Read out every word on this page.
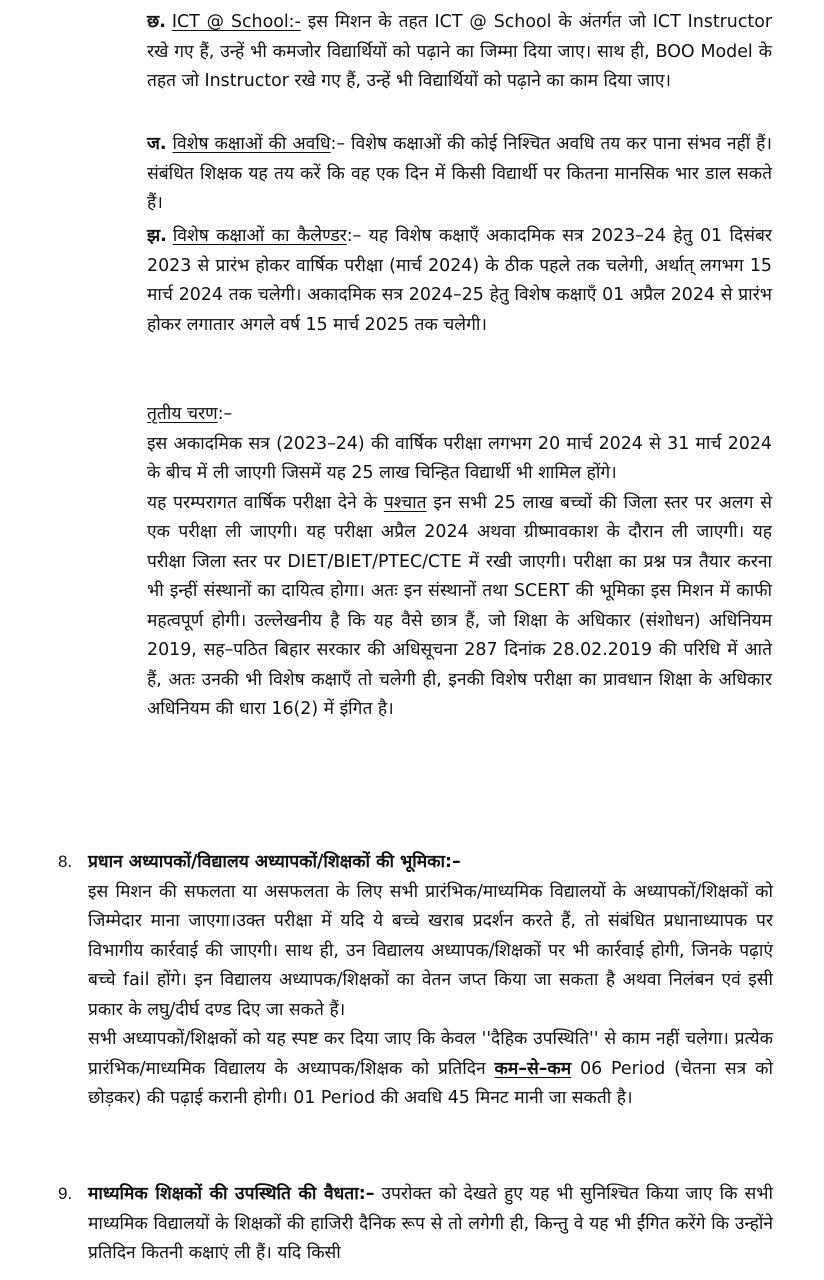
छ. ICT @ School:- इस मिशन के तहत ICT @ School के अंतर्गत जो ICT Instructor रखे गए हैं, उन्हें भी कमजोर विद्यार्थियों को पढ़ाने का जिम्मा दिया जाए। साथ ही, BOO Model के तहत जो Instructor रखे गए हैं, उन्हें भी विद्यार्थियों को पढ़ाने का काम दिया जाए।
ज. विशेष कक्षाओं की अवधि:– विशेष कक्षाओं की कोई निश्चित अवधि तय कर पाना संभव नहीं हैं। संबंधित शिक्षक यह तय करें कि वह एक दिन में किसी विद्यार्थी पर कितना मानसिक भार डाल सकते हैं।
झ. विशेष कक्षाओं का कैलेण्डर:– यह विशेष कक्षाएँ अकादमिक सत्र 2023–24 हेतु 01 दिसंबर 2023 से प्रारंभ होकर वार्षिक परीक्षा (मार्च 2024) के ठीक पहले तक चलेगी, अर्थात् लगभग 15 मार्च 2024 तक चलेगी। अकादमिक सत्र 2024–25 हेतु विशेष कक्षाएँ 01 अप्रैल 2024 से प्रारंभ होकर लगातार अगले वर्ष 15 मार्च 2025 तक चलेगी।
तृतीय चरण:–
इस अकादमिक सत्र (2023–24) की वार्षिक परीक्षा लगभग 20 मार्च 2024 से 31 मार्च 2024 के बीच में ली जाएगी जिसमें यह 25 लाख चिन्हित विद्यार्थी भी शामिल होंगे।
यह परम्परागत वार्षिक परीक्षा देने के पश्चात इन सभी 25 लाख बच्चों की जिला स्तर पर अलग से एक परीक्षा ली जाएगी। यह परीक्षा अप्रैल 2024 अथवा ग्रीष्मावकाश के दौरान ली जाएगी। यह परीक्षा जिला स्तर पर DIET/BIET/PTEC/CTE में रखी जाएगी। परीक्षा का प्रश्न पत्र तैयार करना भी इन्हीं संस्थानों का दायित्व होगा। अतः इन संस्थानों तथा SCERT की भूमिका इस मिशन में काफी महत्वपूर्ण होगी। उल्लेखनीय है कि यह वैसे छात्र हैं, जो शिक्षा के अधिकार (संशोधन) अधिनियम 2019, सह–पठित बिहार सरकार की अधिसूचना 287 दिनांक 28.02.2019 की परिधि में आते हैं, अतः उनकी भी विशेष कक्षाएँ तो चलेगी ही, इनकी विशेष परीक्षा का प्रावधान शिक्षा के अधिकार अधिनियम की धारा 16(2) में इंगित है।
8. प्रधान अध्यापकों/विद्यालय अध्यापकों/शिक्षकों की भूमिका:–
इस मिशन की सफलता या असफलता के लिए सभी प्रारंभिक/माध्यमिक विद्यालयों के अध्यापकों/शिक्षकों को जिम्मेदार माना जाएगा।उक्त परीक्षा में यदि ये बच्चे खराब प्रदर्शन करते हैं, तो संबंधित प्रधानाध्यापक पर विभागीय कार्रवाई की जाएगी। साथ ही, उन विद्यालय अध्यापक/शिक्षकों पर भी कार्रवाई होगी, जिनके पढ़ाएं बच्चे fail होंगे। इन विद्यालय अध्यापक/शिक्षकों का वेतन जप्त किया जा सकता है अथवा निलंबन एवं इसी प्रकार के लघु/दीर्घ दण्ड दिए जा सकते हैं।
सभी अध्यापकों/शिक्षकों को यह स्पष्ट कर दिया जाए कि केवल ''दैहिक उपस्थिति'' से काम नहीं चलेगा। प्रत्येक प्रारंभिक/माध्यमिक विद्यालय के अध्यापक/शिक्षक को प्रतिदिन कम–से–कम 06 Period (चेतना सत्र को छोड़कर) की पढ़ाई करानी होगी। 01 Period की अवधि 45 मिनट मानी जा सकती है।
9. माध्यमिक शिक्षकों की उपस्थिति की वैधता:– उपरोक्त को देखते हुए यह भी सुनिश्चित किया जाए कि सभी माध्यमिक विद्यालयों के शिक्षकों की हाजिरी दैनिक रूप से तो लगेगी ही, किन्तु वे यह भी ईंगित करेंगे कि उन्होंने प्रतिदिन कितनी कक्षाएं ली हैं। यदि किसी
